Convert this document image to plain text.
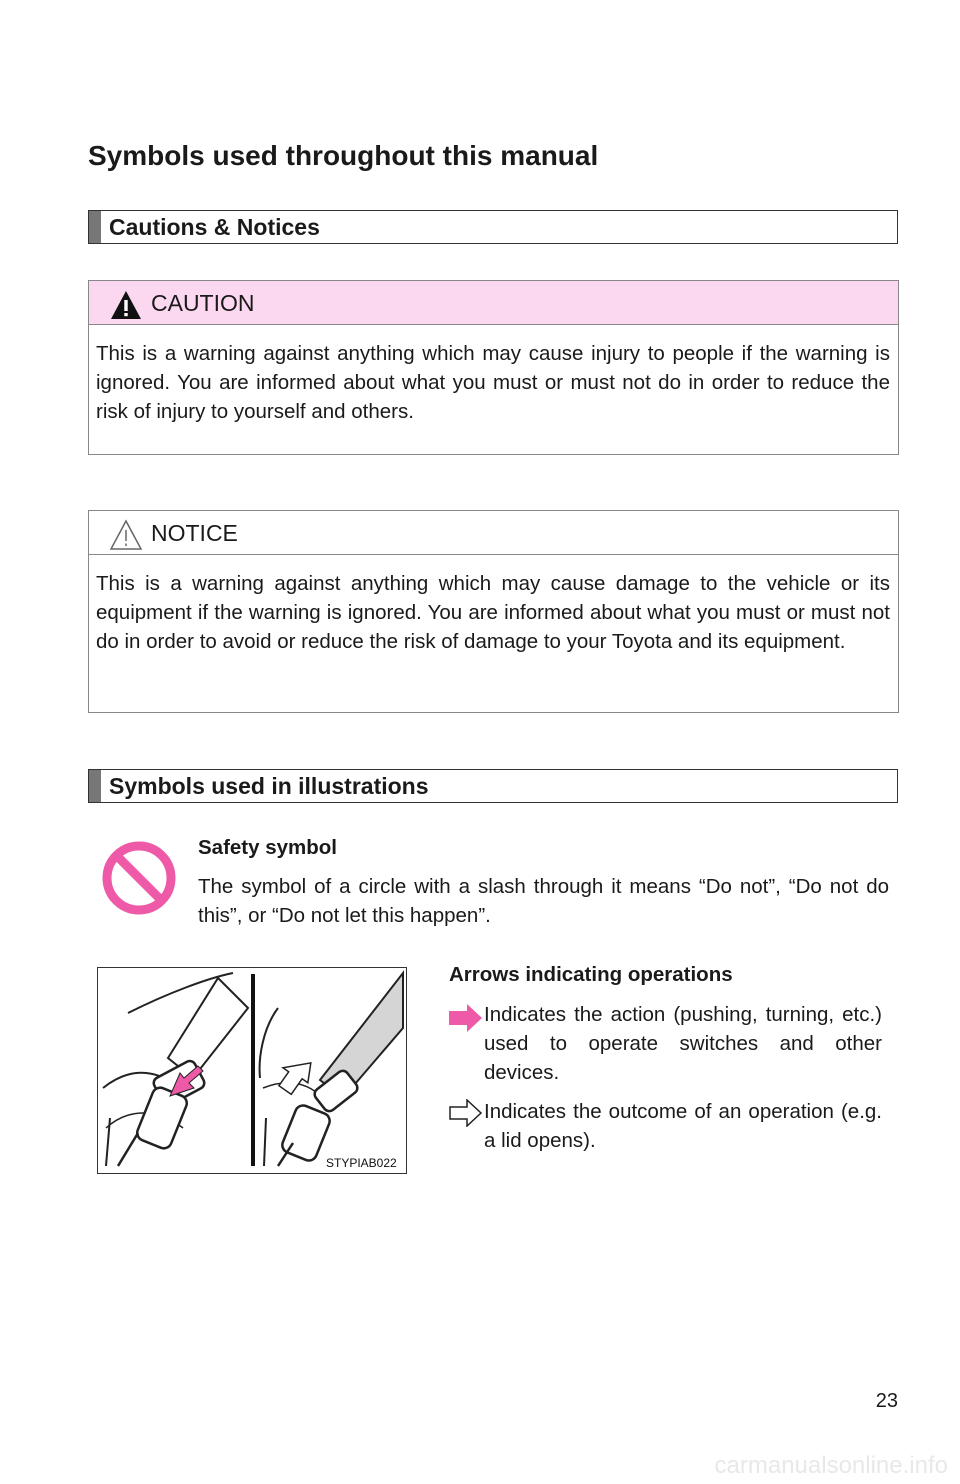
Symbols used throughout this manual
Cautions & Notices
CAUTION
This is a warning against anything which may cause injury to people if the warning is ignored. You are informed about what you must or must not do in order to reduce the risk of injury to yourself and others.
NOTICE
This is a warning against anything which may cause damage to the vehicle or its equipment if the warning is ignored. You are informed about what you must or must not do in order to avoid or reduce the risk of damage to your Toyota and its equipment.
Symbols used in illustrations
Safety symbol
The symbol of a circle with a slash through it means “Do not”, “Do not do this”, or “Do not let this happen”.
STYPIAB022
Arrows indicating operations
Indicates the action (pushing, turning, etc.) used to operate switches and other devices.
Indicates the outcome of an operation (e.g. a lid opens).
23
carmanualsonline.info
